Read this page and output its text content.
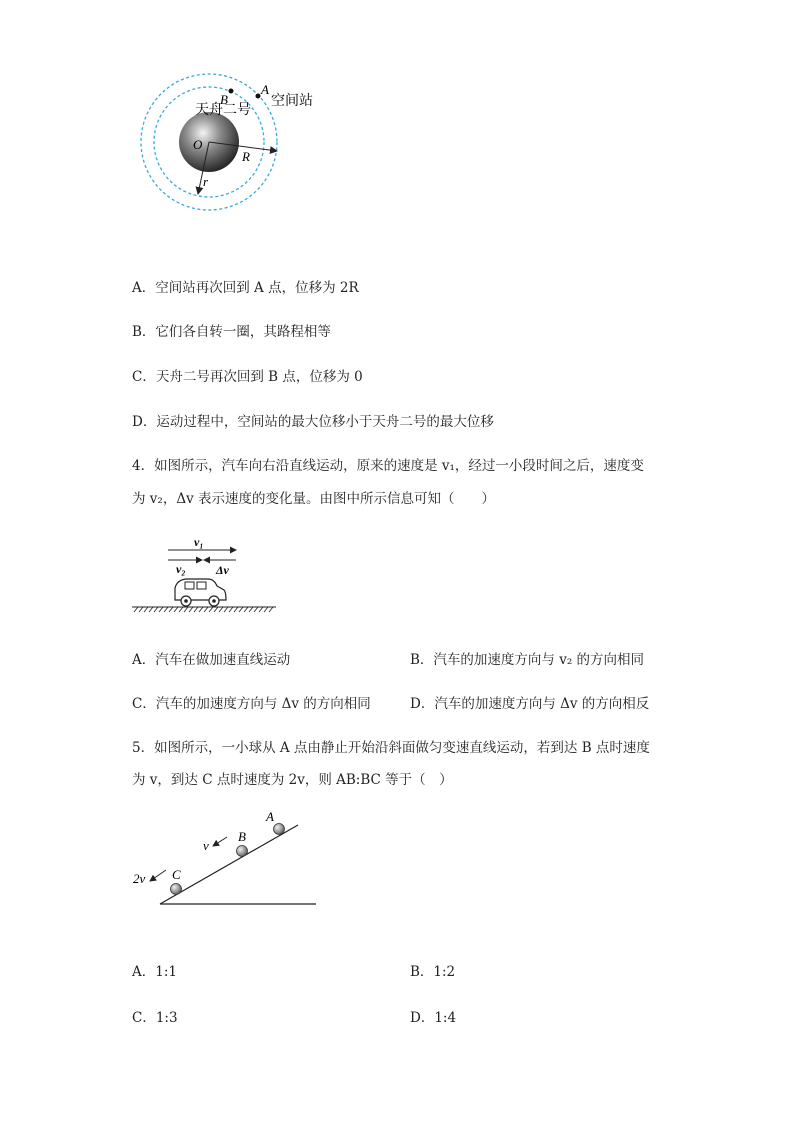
A
空间站
B
天舟二号
O
R
r
A．空间站再次回到 A 点，位移为 2R
B．它们各自转一圈，其路程相等
C．天舟二号再次回到 B 点，位移为 0
D．运动过程中，空间站的最大位移小于天舟二号的最大位移
4．如图所示，汽车向右沿直线运动，原来的速度是 v₁，经过一小段时间之后，速度变
为 v₂，Δv 表示速度的变化量。由图中所示信息可知（　　）
v₁
v₂	Δv
A．汽车在做加速直线运动	B．汽车的加速度方向与 v₂ 的方向相同
C．汽车的加速度方向与 Δv 的方向相同	D．汽车的加速度方向与 Δv 的方向相反
5．如图所示，一小球从 A 点由静止开始沿斜面做匀变速直线运动，若到达 B 点时速度
为 v，到达 C 点时速度为 2v，则 AB:BC 等于（　）
A
B
C
v
2v
A．1:1	B．1:2
C．1:3	D．1:4
